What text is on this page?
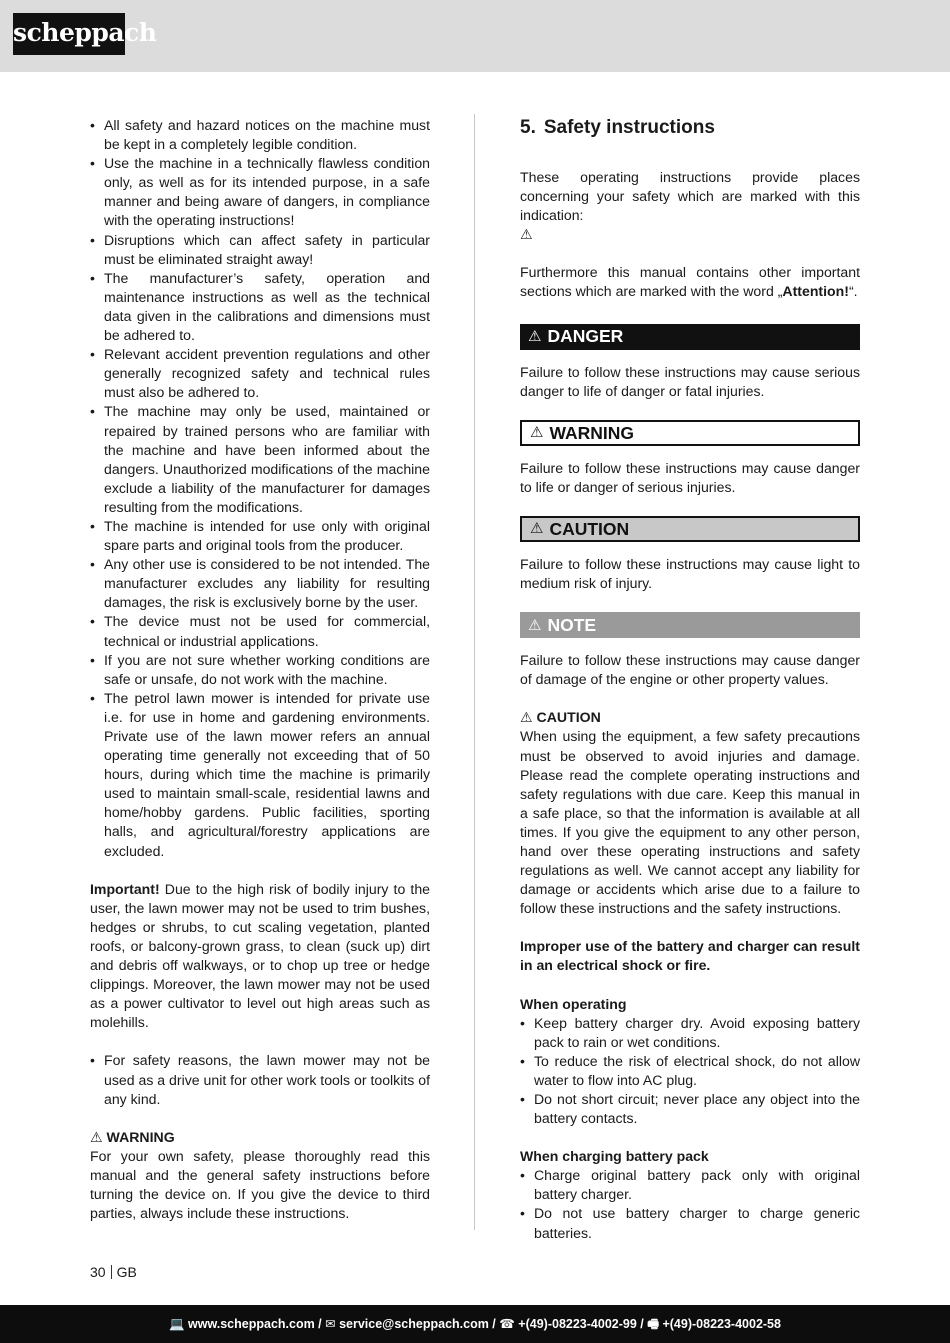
scheppach
• All safety and hazard notices on the machine must be kept in a completely legible condition.
• Use the machine in a technically flawless condition only, as well as for its intended purpose, in a safe manner and being aware of dangers, in compliance with the operating instructions!
• Disruptions which can affect safety in particular must be eliminated straight away!
• The manufacturer’s safety, operation and maintenance instructions as well as the technical data given in the calibrations and dimensions must be adhered to.
• Relevant accident prevention regulations and other generally recognized safety and technical rules must also be adhered to.
• The machine may only be used, maintained or repaired by trained persons who are familiar with the machine and have been informed about the dangers. Unauthorized modifications of the machine exclude a liability of the manufacturer for damages resulting from the modifications.
• The machine is intended for use only with original spare parts and original tools from the producer.
• Any other use is considered to be not intended. The manufacturer excludes any liability for resulting damages, the risk is exclusively borne by the user.
• The device must not be used for commercial, technical or industrial applications.
• If you are not sure whether working conditions are safe or unsafe, do not work with the machine.
• The petrol lawn mower is intended for private use i.e. for use in home and gardening environments. Private use of the lawn mower refers an annual operating time generally not exceeding that of 50 hours, during which time the machine is primarily used to maintain small-scale, residential lawns and home/hobby gardens. Public facilities, sporting halls, and agricultural/forestry applications are excluded.

Important! Due to the high risk of bodily injury to the user, the lawn mower may not be used to trim bushes, hedges or shrubs, to cut scaling vegetation, planted roofs, or balcony-grown grass, to clean (suck up) dirt and debris off walkways, or to chop up tree or hedge clippings. Moreover, the lawn mower may not be used as a power cultivator to level out high areas such as molehills.

• For safety reasons, the lawn mower may not be used as a drive unit for other work tools or toolkits of any kind.

⚠ WARNING

For your own safety, please thoroughly read this manual and the general safety instructions before turning the device on. If you give the device to third parties, always include these instructions.

5. Safety instructions

These operating instructions provide places concerning your safety which are marked with this indication:
⚠

Furthermore this manual contains other important sections which are marked with the word „Attention!“.

⚠ DANGER

Failure to follow these instructions may cause serious danger to life of danger or fatal injuries.

⚠ WARNING

Failure to follow these instructions may cause danger to life or danger of serious injuries.

⚠ CAUTION

Failure to follow these instructions may cause light to medium risk of injury.

⚠ NOTE

Failure to follow these instructions may cause danger of damage of the engine or other property values.

⚠ CAUTION

When using the equipment, a few safety precautions must be observed to avoid injuries and damage. Please read the complete operating instructions and safety regulations with due care. Keep this manual in a safe place, so that the information is available at all times. If you give the equipment to any other person, hand over these operating instructions and safety regulations as well. We cannot accept any liability for damage or accidents which arise due to a failure to follow these instructions and the safety instructions.

Improper use of the battery and charger can result in an electrical shock or fire.

When operating

• Keep battery charger dry. Avoid exposing battery pack to rain or wet conditions.
• To reduce the risk of electrical shock, do not allow water to flow into AC plug.
• Do not short circuit; never place any object into the battery contacts.

When charging battery pack

• Charge original battery pack only with original battery charger.
• Do not use battery charger to charge generic batteries.
30 GB
💻 www.scheppach.com / ✉ service@scheppach.com / ☎ +(49)-08223-4002-99 / 🖷 +(49)-08223-4002-58
